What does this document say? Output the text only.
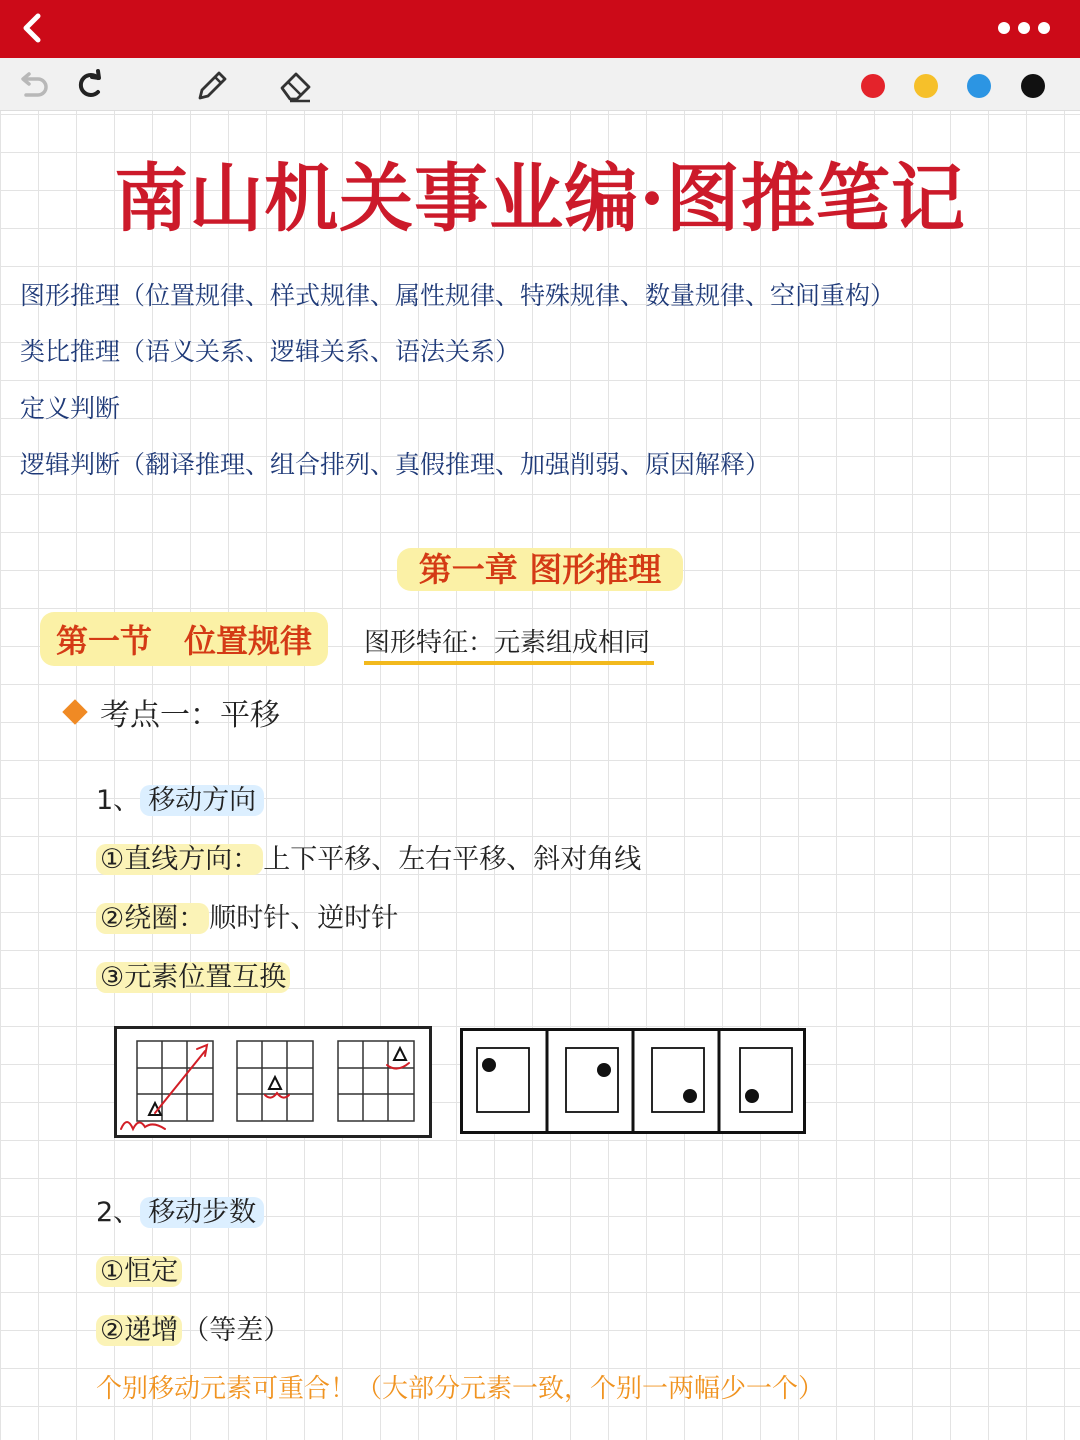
南山机关事业编·图推笔记
图形推理（位置规律、样式规律、属性规律、特殊规律、数量规律、空间重构）
类比推理（语义关系、逻辑关系、语法关系）
定义判断
逻辑判断（翻译推理、组合排列、真假推理、加强削弱、原因解释）
第一章 图形推理
第一节　位置规律	图形特征：元素组成相同
考点一：平移
1、 移动方向
①直线方向： 上下平移、左右平移、斜对角线
②绕圈： 顺时针、逆时针
③元素位置互换
2、 移动步数
①恒定
②递增 （等差）
个别移动元素可重合！（大部分元素一致，个别一两幅少一个）
